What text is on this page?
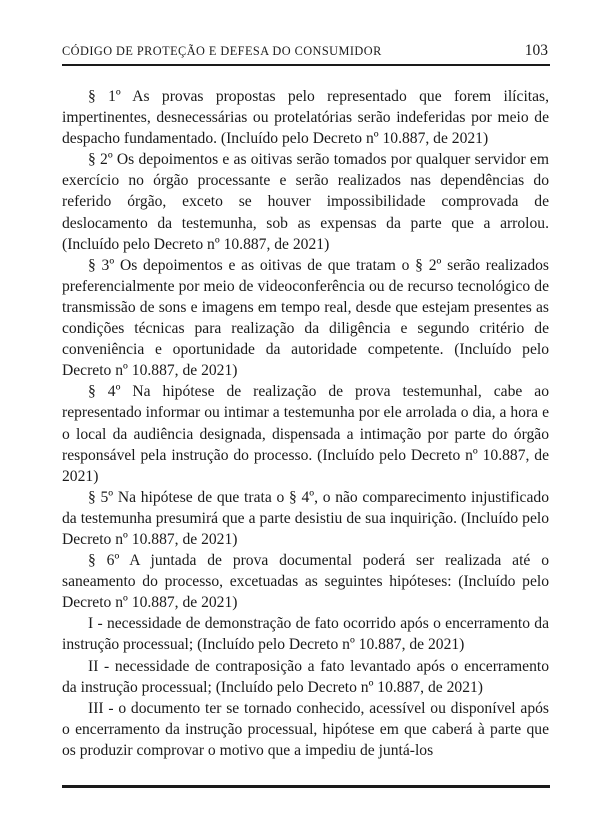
CÓDIGO DE PROTEÇÃO E DEFESA DO CONSUMIDOR	103

§ 1º As provas propostas pelo representado que forem ilícitas, impertinentes, desnecessárias ou protelatórias serão indeferidas por meio de despacho fundamentado. (Incluído pelo Decreto nº 10.887, de 2021)

§ 2º Os depoimentos e as oitivas serão tomados por qualquer servidor em exercício no órgão processante e serão realizados nas dependências do referido órgão, exceto se houver impossibilidade comprovada de deslocamento da testemunha, sob as expensas da parte que a arrolou. (Incluído pelo Decreto nº 10.887, de 2021)

§ 3º Os depoimentos e as oitivas de que tratam o § 2º serão realizados preferencialmente por meio de videoconferência ou de recurso tecnológico de transmissão de sons e imagens em tempo real, desde que estejam presentes as condições técnicas para realização da diligência e segundo critério de conveniência e oportunidade da autoridade competente. (Incluído pelo Decreto nº 10.887, de 2021)

§ 4º Na hipótese de realização de prova testemunhal, cabe ao representado informar ou intimar a testemunha por ele arrolada o dia, a hora e o local da audiência designada, dispensada a intimação por parte do órgão responsável pela instrução do processo. (Incluído pelo Decreto nº 10.887, de 2021)

§ 5º Na hipótese de que trata o § 4º, o não comparecimento injustificado da testemunha presumirá que a parte desistiu de sua inquirição. (Incluído pelo Decreto nº 10.887, de 2021)

§ 6º A juntada de prova documental poderá ser realizada até o saneamento do processo, excetuadas as seguintes hipóteses: (Incluído pelo Decreto nº 10.887, de 2021)

I - necessidade de demonstração de fato ocorrido após o encerramento da instrução processual; (Incluído pelo Decreto nº 10.887, de 2021)

II - necessidade de contraposição a fato levantado após o encerramento da instrução processual; (Incluído pelo Decreto nº 10.887, de 2021)

III - o documento ter se tornado conhecido, acessível ou disponível após o encerramento da instrução processual, hipótese em que caberá à parte que os produzir comprovar o motivo que a impediu de juntá-los
